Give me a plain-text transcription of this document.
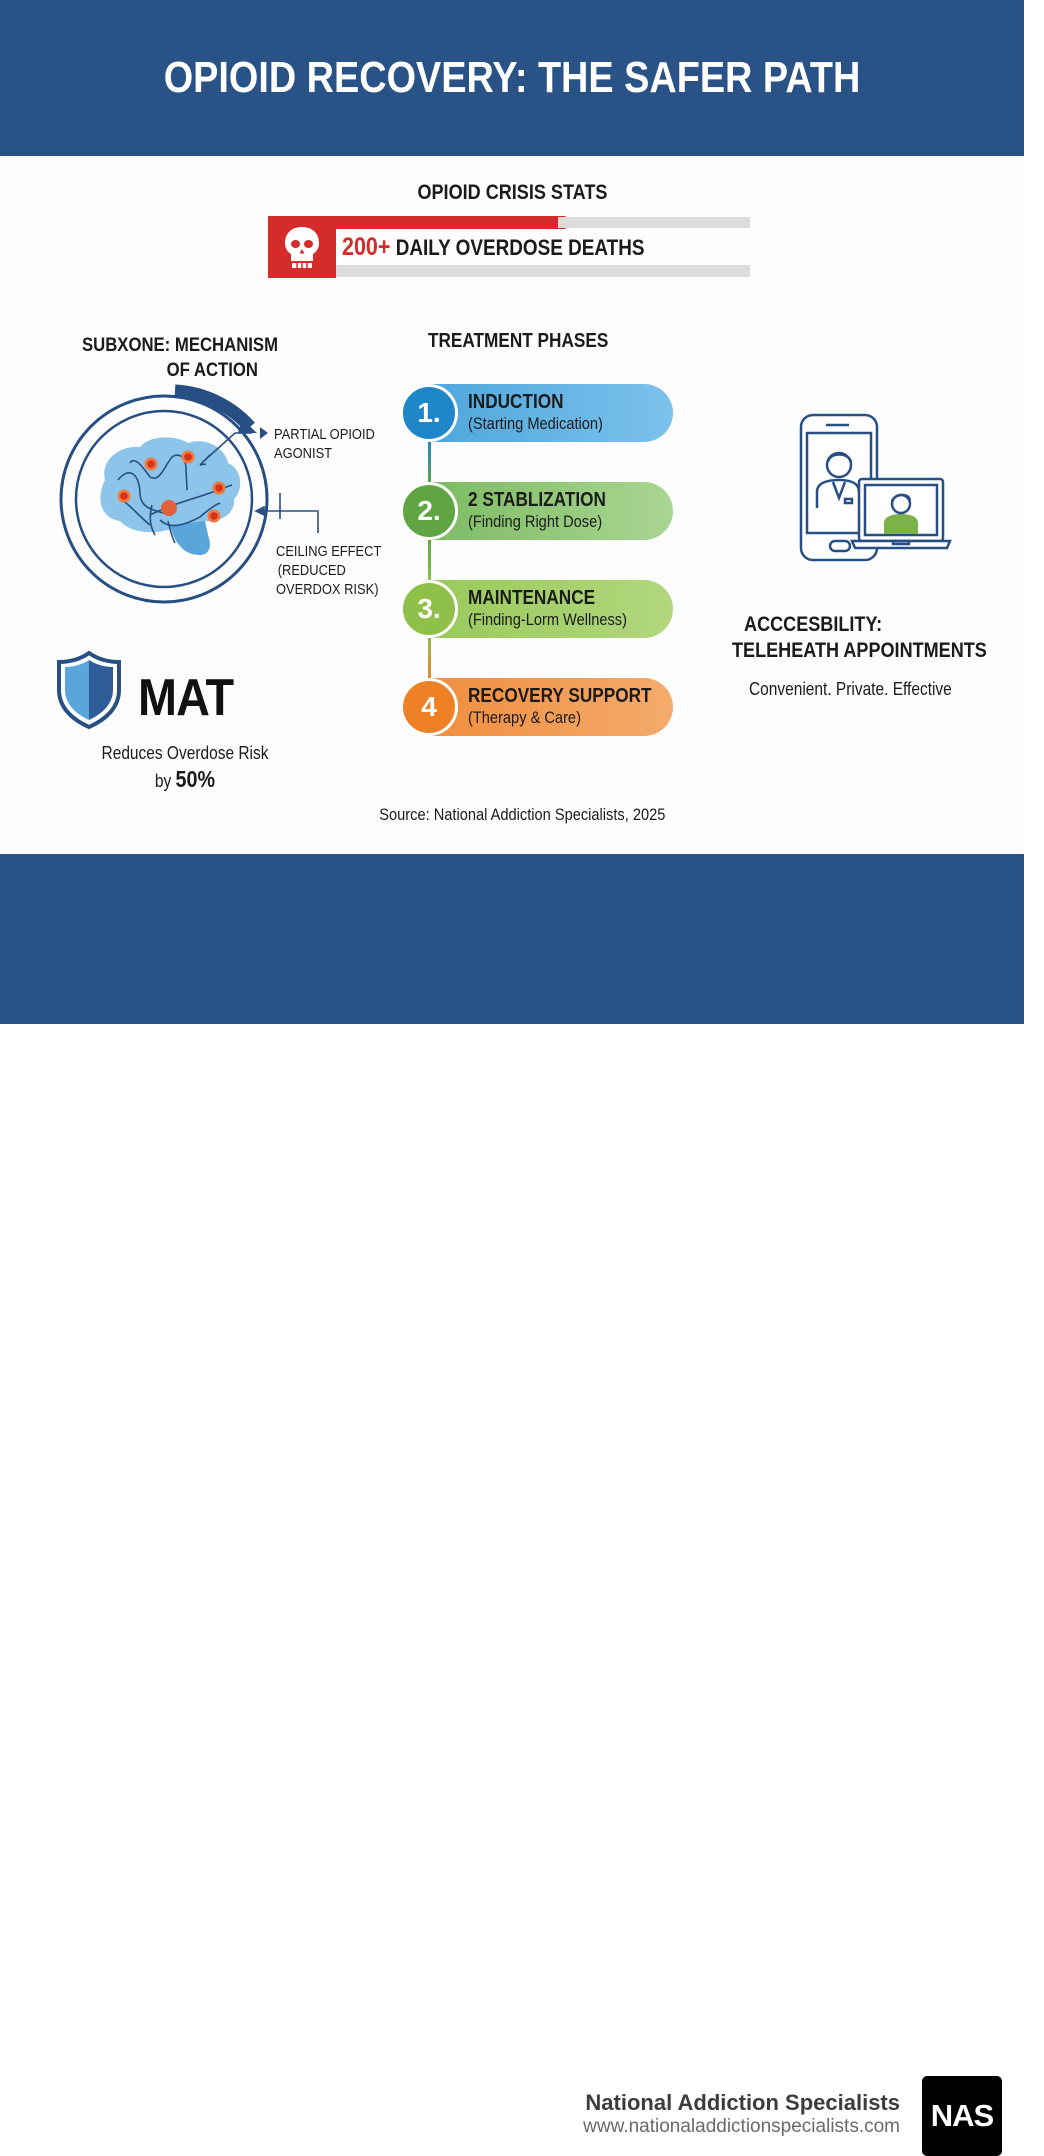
OPIOID RECOVERY: THE SAFER PATH
OPIOID CRISIS STATS
200+ DAILY OVERDOSE DEATHS
SUBXONE: MECHANISM
OF ACTION
PARTIAL OPIOID
AGONIST
CEILING EFFECT
(REDUCED
OVERDOX RISK)
MAT
Reduces Overdose Risk
by 50%
TREATMENT PHASES
1.	INDUCTION
(Starting Medication)
2.	2 STABLIZATION
(Finding Right Dose)
3.	MAINTENANCE
(Finding-Lorm Wellness)
4	RECOVERY SUPPORT
(Therapy & Care)
ACCCESBILITY:
TELEHEATH APPOINTMENTS
Convenient. Private. Effective
Source: National Addiction Specialists, 2025
National Addiction Specialists
www.nationaladdictionspecialists.com NAS
